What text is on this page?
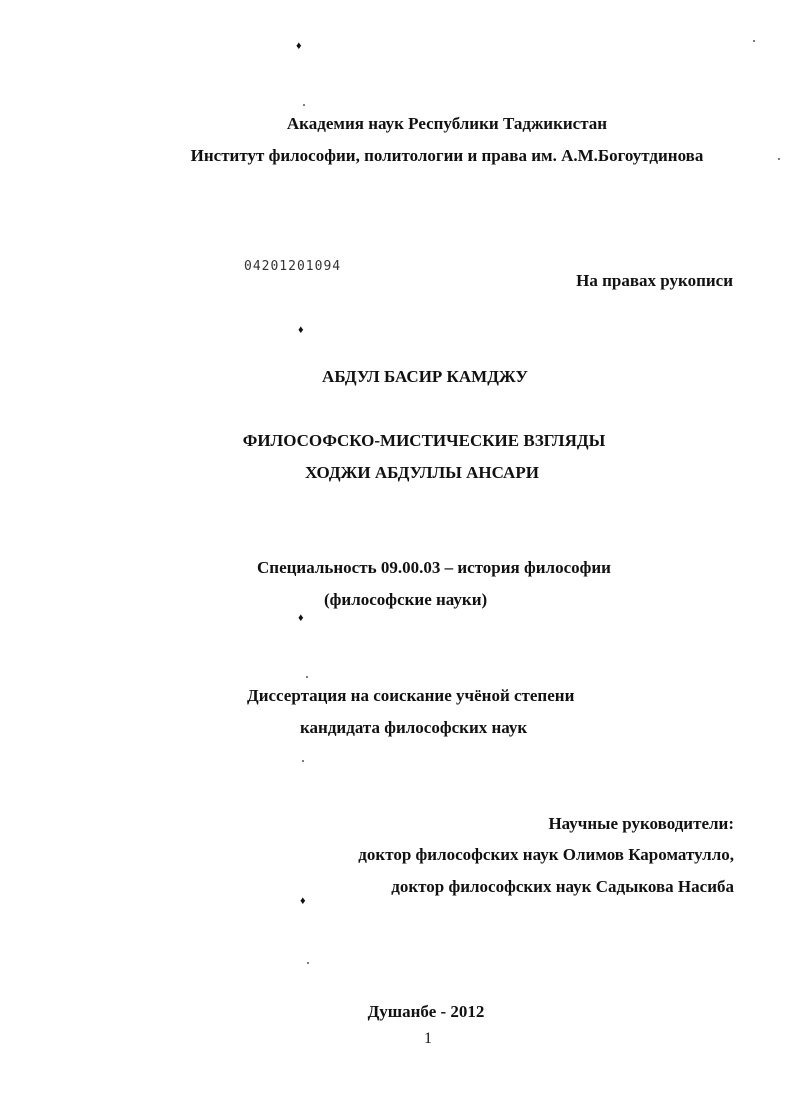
♦
♦
♦
♦
Академия наук Республики Таджикистан
Институт философии, политологии и права им. А.М.Богоутдинова
04201201094
На правах рукописи
АБДУЛ БАСИР КАМДЖУ
ФИЛОСОФСКО-МИСТИЧЕСКИЕ ВЗГЛЯДЫ
ХОДЖИ АБДУЛЛЫ АНСАРИ
Специальность 09.00.03 – история философии
(философские науки)
Диссертация на соискание учёной степени
кандидата философских наук
Научные руководители:
доктор философских наук Олимов Кароматулло,
доктор философских наук Садыкова Насиба
Душанбе - 2012
1
